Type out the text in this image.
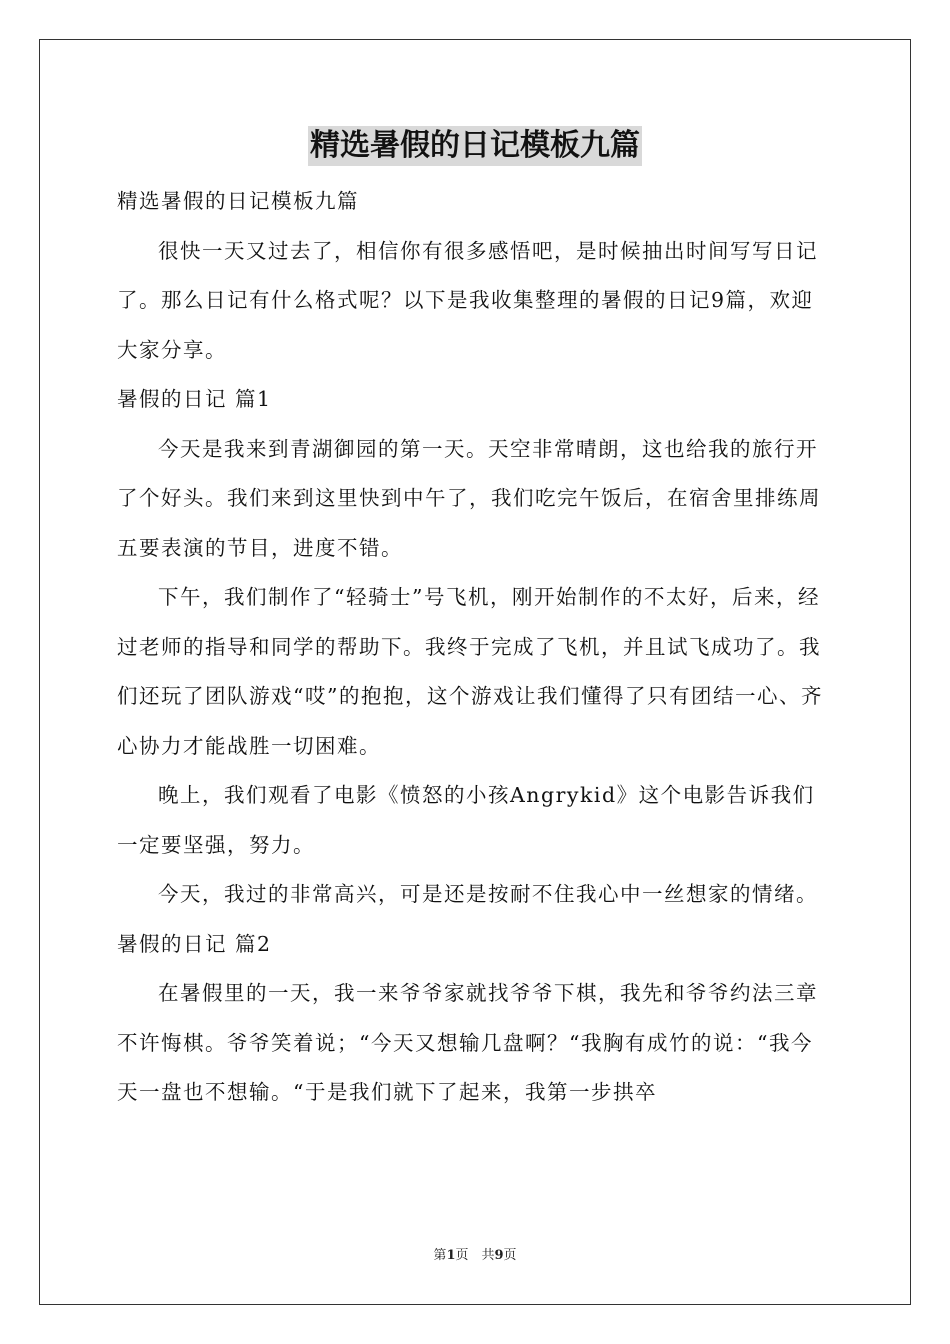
精选暑假的日记模板九篇

精选暑假的日记模板九篇

很快一天又过去了，相信你有很多感悟吧，是时候抽出时间写写日记了。那么日记有什么格式呢？以下是我收集整理的暑假的日记9篇，欢迎大家分享。

暑假的日记 篇1

今天是我来到青湖御园的第一天。天空非常晴朗，这也给我的旅行开了个好头。我们来到这里快到中午了，我们吃完午饭后，在宿舍里排练周五要表演的节目，进度不错。

下午，我们制作了“轻骑士”号飞机，刚开始制作的不太好，后来，经过老师的指导和同学的帮助下。我终于完成了飞机，并且试飞成功了。我们还玩了团队游戏“哎”的抱抱，这个游戏让我们懂得了只有团结一心、齐心协力才能战胜一切困难。

晚上，我们观看了电影《愤怒的小孩Angrykid》这个电影告诉我们一定要坚强，努力。

今天，我过的非常高兴，可是还是按耐不住我心中一丝想家的情绪。

暑假的日记 篇2

在暑假里的一天，我一来爷爷家就找爷爷下棋，我先和爷爷约法三章不许悔棋。爷爷笑着说；“今天又想输几盘啊？“我胸有成竹的说：“我今天一盘也不想输。“于是我们就下了起来，我第一步拱卒

第1页　共9页
